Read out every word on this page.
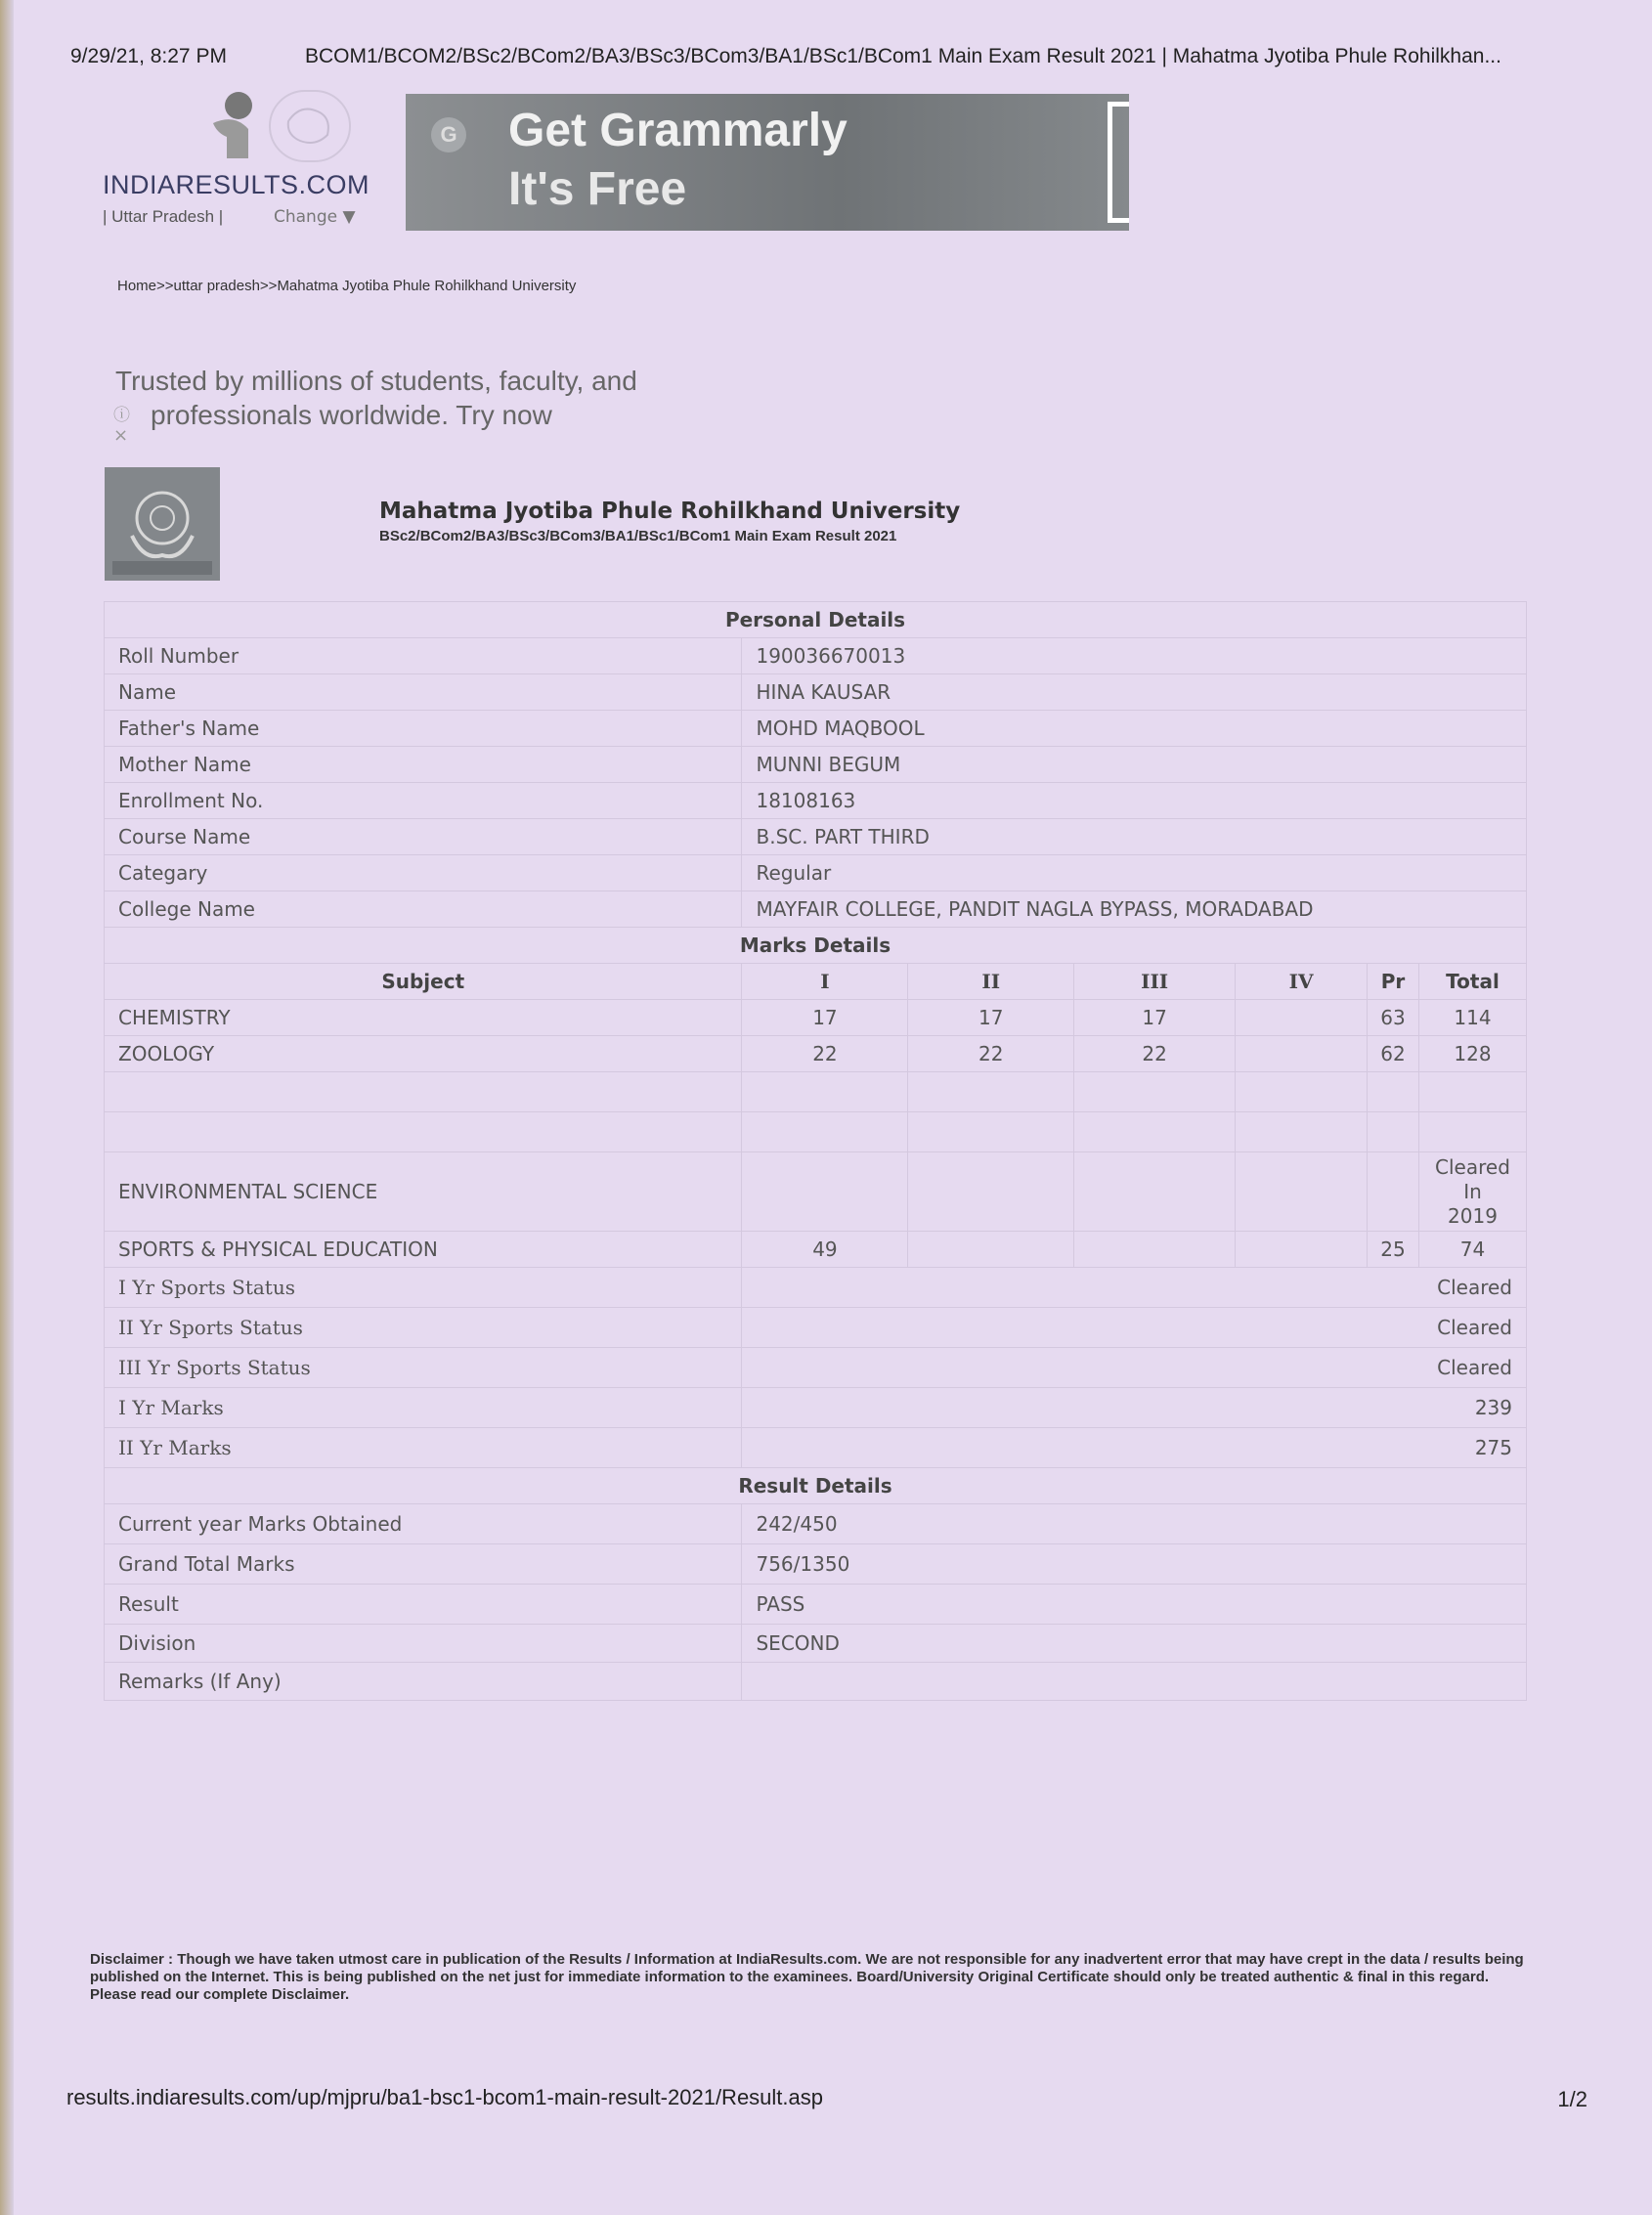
9/29/21, 8:27 PM	BCOM1/BCOM2/BSc2/BCom2/BA3/BSc3/BCom3/BA1/BSc1/BCom1 Main Exam Result 2021 | Mahatma Jyotiba Phule Rohilkhan...
INDIARESULTS.COM
| Uttar Pradesh |	Change ▼
G Get Grammarly
It's Free
Home>>uttar pradesh>>Mahatma Jyotiba Phule Rohilkhand University
Trusted by millions of students, faculty, and
professionals worldwide. Try now
ⓘ
×
Mahatma Jyotiba Phule Rohilkhand University
BSc2/BCom2/BA3/BSc3/BCom3/BA1/BSc1/BCom1 Main Exam Result 2021
Personal Details						
Roll Number	190036670013					
Name	HINA KAUSAR					
Father's Name	MOHD MAQBOOL					
Mother Name	MUNNI BEGUM					
Enrollment No.	18108163					
Course Name	B.SC. PART THIRD					
Categary	Regular					
College Name	MAYFAIR COLLEGE, PANDIT NAGLA BYPASS, MORADABAD					
Marks Details						
Subject	I	II	III	IV	Pr	Total
CHEMISTRY	17	17	17		63	114
ZOOLOGY	22	22	22		62	128

ENVIRONMENTAL SCIENCE						Cleared
In
2019

SPORTS & PHYSICAL EDUCATION	49				25	74
I Yr Sports Status	Cleared					
II Yr Sports Status	Cleared					
III Yr Sports Status	Cleared					
I Yr Marks	239					
II Yr Marks	275					
Result Details						
Current year Marks Obtained	242/450					
Grand Total Marks	756/1350					
Result	PASS					
Division	SECOND					
Remarks (If Any)						
Disclaimer : Though we have taken utmost care in publication of the Results / Information at IndiaResults.com. We are not responsible for any inadvertent error that may have crept in the data / results being published on the Internet. This is being published on the net just for immediate information to the examinees. Board/University Original Certificate should only be treated authentic & final in this regard. Please read our complete Disclaimer.
results.indiaresults.com/up/mjpru/ba1-bsc1-bcom1-main-result-2021/Result.asp	1/2
